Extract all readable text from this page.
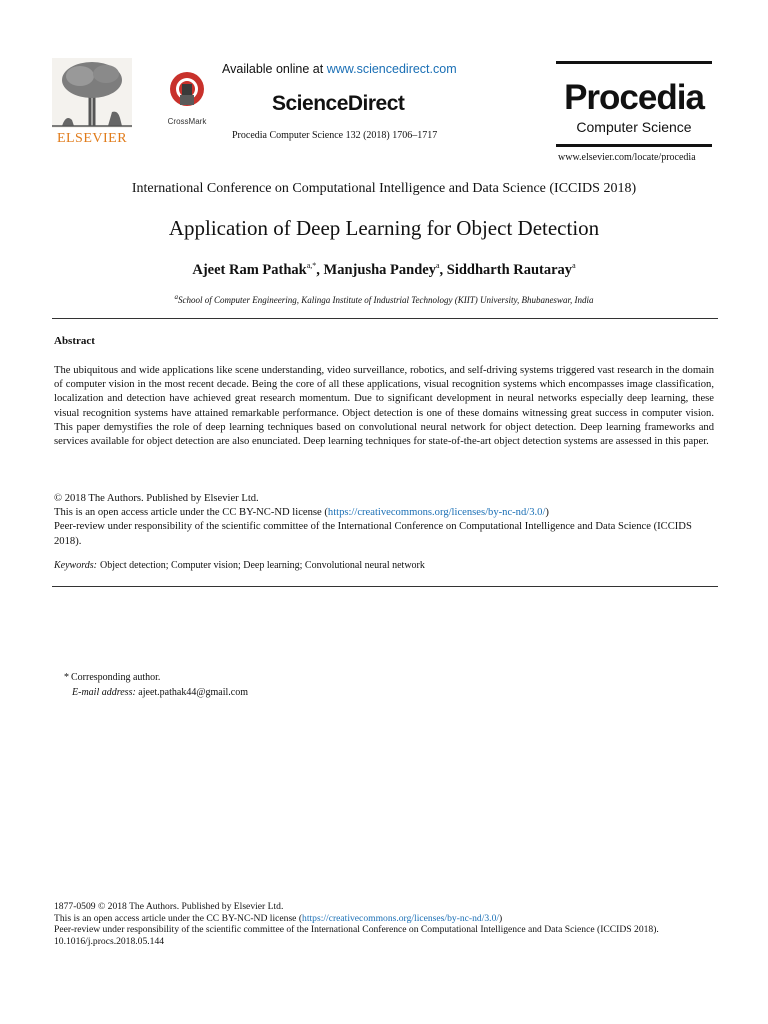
ELSEVIER
CrossMark
Available online at www.sciencedirect.com
ScienceDirect
Procedia Computer Science 132 (2018) 1706–1717
Procedia
Computer Science
www.elsevier.com/locate/procedia
International Conference on Computational Intelligence and Data Science (ICCIDS 2018)
Application of Deep Learning for Object Detection
Ajeet Ram Pathak$^{a,*}$, Manjusha Pandey$^a$, Siddharth Rautaray$^a$
$^a$School of Computer Engineering, Kalinga Institute of Industrial Technology (KIIT) University, Bhubaneswar, India
Abstract
The ubiquitous and wide applications like scene understanding, video surveillance, robotics, and self-driving systems triggered vast research in the domain of computer vision in the most recent decade. Being the core of all these applications, visual recognition systems which encompasses image classification, localization and detection have achieved great research momentum. Due to significant development in neural networks especially deep learning, these visual recognition systems have attained remarkable performance. Object detection is one of these domains witnessing great success in computer vision. This paper demystifies the role of deep learning techniques based on convolutional neural network for object detection. Deep learning frameworks and services available for object detection are also enunciated. Deep learning techniques for state-of-the-art object detection systems are assessed in this paper.
© 2018 The Authors. Published by Elsevier Ltd.
This is an open access article under the CC BY-NC-ND license (https://creativecommons.org/licenses/by-nc-nd/3.0/)
Peer-review under responsibility of the scientific committee of the International Conference on Computational Intelligence and Data Science (ICCIDS 2018).
Keywords: Object detection; Computer vision; Deep learning; Convolutional neural network
* Corresponding author.
E-mail address: ajeet.pathak44@gmail.com
1877-0509 © 2018 The Authors. Published by Elsevier Ltd.
This is an open access article under the CC BY-NC-ND license (https://creativecommons.org/licenses/by-nc-nd/3.0/)
Peer-review under responsibility of the scientific committee of the International Conference on Computational Intelligence and Data Science (ICCIDS 2018).
10.1016/j.procs.2018.05.144
